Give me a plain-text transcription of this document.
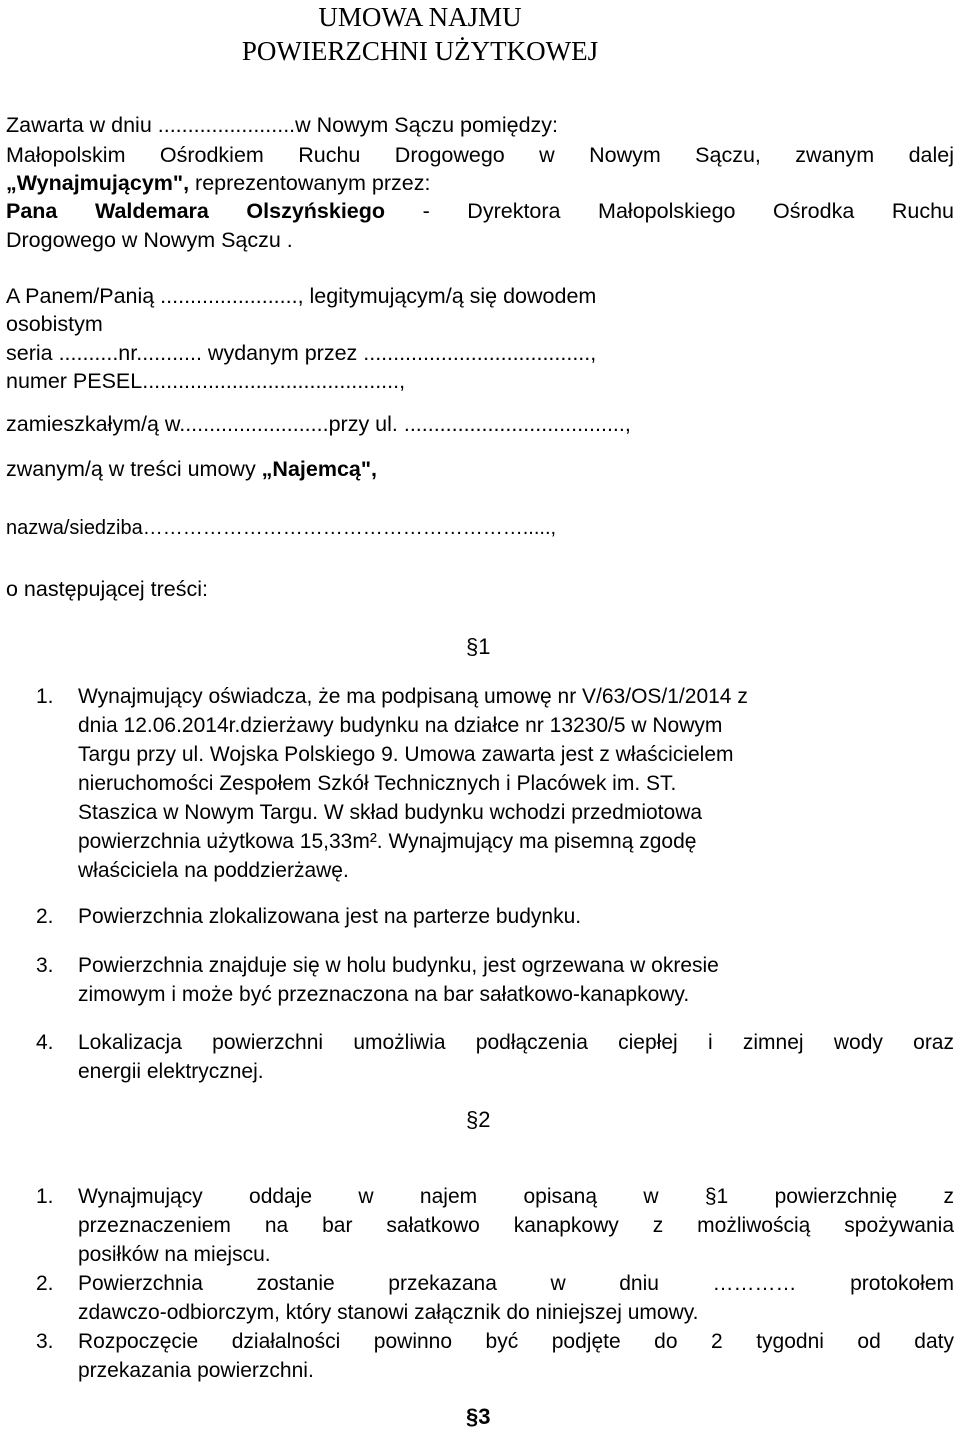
UMOWA NAJMU
POWIERZCHNI UŻYTKOWEJ
Zawarta w dniu .......................w Nowym Sączu pomiędzy:
Małopolskim Ośrodkiem Ruchu Drogowego w Nowym Sączu, zwanym dalej
„Wynajmującym", reprezentowanym przez:
Pana Waldemara Olszyńskiego - Dyrektora Małopolskiego Ośrodka Ruchu
Drogowego w Nowym Sączu .
A Panem/Panią ......................., legitymującym/ą się dowodem
osobistym
seria ..........nr........... wydanym przez ......................................,
numer PESEL...........................................,
zamieszkałym/ą w.........................przy ul. .....................................,
zwanym/ą w treści umowy „Najemcą",
nazwa/siedziba………………………………………………….....,
o następującej treści:
§1
1. Wynajmujący oświadcza, że ma podpisaną umowę nr V/63/OS/1/2014 z
dnia 12.06.2014r.dzierżawy budynku na działce nr 13230/5 w Nowym
Targu przy ul. Wojska Polskiego 9. Umowa zawarta jest z właścicielem
nieruchomości Zespołem Szkół Technicznych i Placówek im. ST.
Staszica w Nowym Targu. W skład budynku wchodzi przedmiotowa
powierzchnia użytkowa 15,33m². Wynajmujący ma pisemną zgodę
właściciela na poddzierżawę.
2. Powierzchnia zlokalizowana jest na parterze budynku.
3. Powierzchnia znajduje się w holu budynku, jest ogrzewana w okresie
zimowym i może być przeznaczona na bar sałatkowo-kanapkowy.
4. Lokalizacja powierzchni umożliwia podłączenia ciepłej i zimnej wody oraz
energii elektrycznej.
§2
1. Wynajmujący oddaje w najem opisaną w §1 powierzchnię z
przeznaczeniem na bar sałatkowo kanapkowy z możliwością spożywania
posiłków na miejscu.
2. Powierzchnia zostanie przekazana w dniu ………… protokołem
zdawczo-odbiorczym, który stanowi załącznik do niniejszej umowy.
3. Rozpoczęcie działalności powinno być podjęte do 2 tygodni od daty
przekazania powierzchni.
§3
